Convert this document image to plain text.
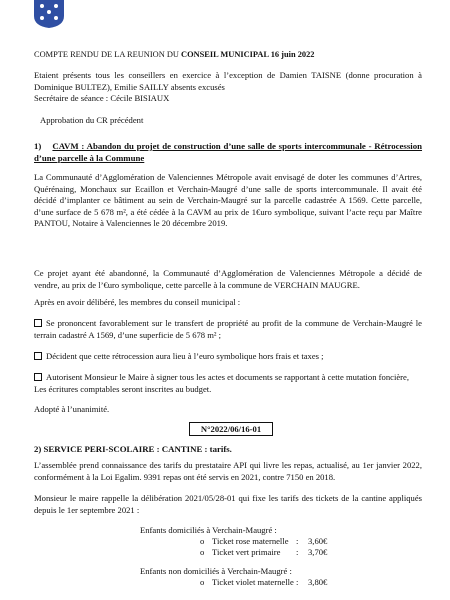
COMPTE RENDU DE LA REUNION DU CONSEIL MUNICIPAL 16 juin 2022
Etaient présents tous les conseillers en exercice à l’exception de Damien TAISNE (donne procuration à Dominique BULTEZ), Emilie SAILLY absents excusés
Secrétaire de séance : Cécile BISIAUX
Approbation du CR précédent
1) CAVM : Abandon du projet de construction d’une salle de sports intercommunale - Rétrocession d’une parcelle à la Commune
La Communauté d’Agglomération de Valenciennes Métropole avait envisagé de doter les communes d’Artres, Quérénaing, Monchaux sur Ecaillon et Verchain-Maugré d’une salle de sports intercommunale. Il avait été décidé d’implanter ce bâtiment au sein de Verchain-Maugré sur la parcelle cadastrée A 1569. Cette parcelle, d’une surface de 5 678 m², a été cédée à la CAVM au prix de 1€uro symbolique, suivant l’acte reçu par Maître PANTOU, Notaire à Valenciennes le 20 décembre 2019.
Ce projet ayant été abandonné, la Communauté d’Agglomération de Valenciennes Métropole a décidé de vendre, au prix de l’€uro symbolique, cette parcelle à la commune de VERCHAIN MAUGRE.
Après en avoir délibéré, les membres du conseil municipal :
Se prononcent favorablement sur le transfert de propriété au profit de la commune de Verchain-Maugré le terrain cadastré A 1569, d’une superficie de 5 678 m² ;
Décident que cette rétrocession aura lieu à l’euro symbolique hors frais et taxes ;
Autorisent Monsieur le Maire à signer tous les actes et documents se rapportant à cette mutation foncière,
Les écritures comptables seront inscrites au budget.
Adopté à l’unanimité.
N°2022/06/16-01
2) SERVICE PERI-SCOLAIRE : CANTINE : tarifs.
L’assemblée prend connaissance des tarifs du prestataire API qui livre les repas, actualisé, au 1er janvier 2022, conformément à la Loi Egalim. 9391 repas ont été servis en 2021, contre 7150 en 2018.
Monsieur le maire rappelle la délibération 2021/05/28-01 qui fixe les tarifs des tickets de la cantine appliqués depuis le 1er septembre 2021 :
Enfants domiciliés à Verchain-Maugré :
o Ticket rose maternelle : 3,60€
o Ticket vert primaire : 3,70€
Enfants non domiciliés à Verchain-Maugré :
o Ticket violet maternelle : 3,80€
